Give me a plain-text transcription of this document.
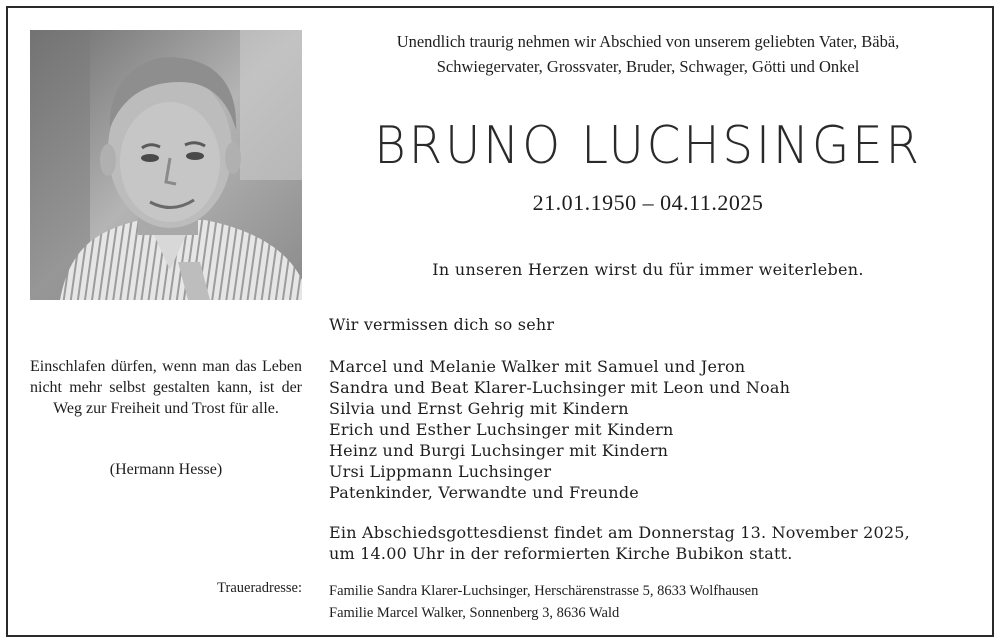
Unendlich traurig nehmen wir Abschied von unserem geliebten Vater, Bäbä,
Schwiegervater, Grossvater, Bruder, Schwager, Götti und Onkel
BRUNO LUCHSINGER
21.01.1950 – 04.11.2025
In unseren Herzen wirst du für immer weiterleben.
Wir vermissen dich so sehr
Marcel und Melanie Walker mit Samuel und Jeron
Sandra und Beat Klarer-Luchsinger mit Leon und Noah
Silvia und Ernst Gehrig mit Kindern
Erich und Esther Luchsinger mit Kindern
Heinz und Burgi Luchsinger mit Kindern
Ursi Lippmann Luchsinger
Patenkinder, Verwandte und Freunde
Ein Abschiedsgottesdienst findet am Donnerstag 13. November 2025,
um 14.00 Uhr in der reformierten Kirche Bubikon statt.
Einschlafen dürfen, wenn man das Leben nicht mehr selbst gestalten kann, ist der Weg zur Freiheit und Trost für alle.
(Hermann Hesse)
Traueradresse: Familie Sandra Klarer-Luchsinger, Herschärenstrasse 5, 8633 Wolfhausen
Familie Marcel Walker, Sonnenberg 3, 8636 Wald
